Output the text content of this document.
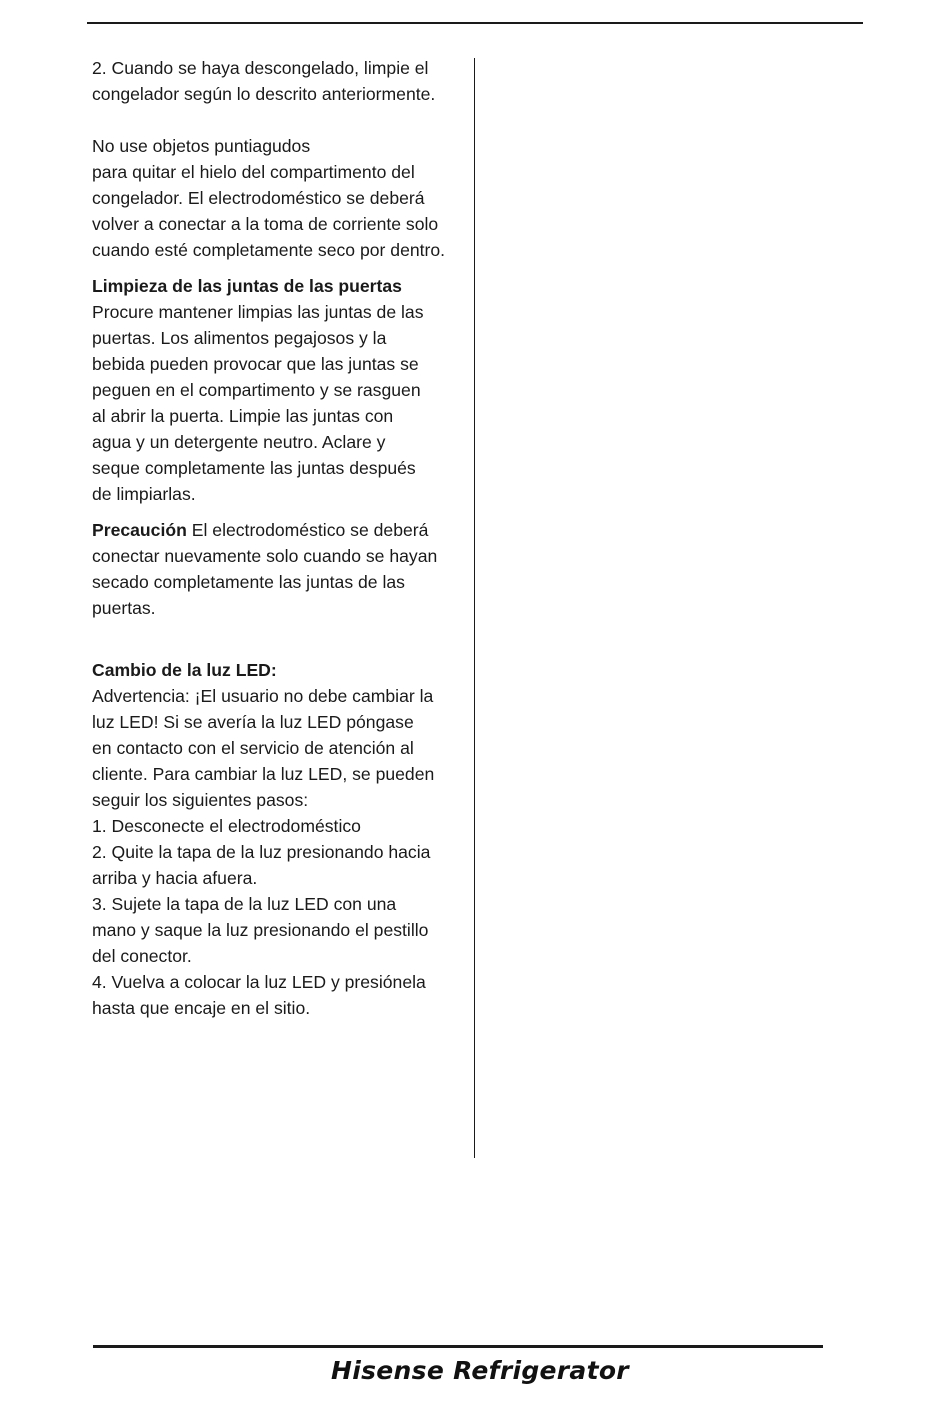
2. Cuando se haya descongelado, limpie el
congelador según lo descrito anteriormente.

No use objetos puntiagudos
para quitar el hielo del compartimento del
congelador. El electrodoméstico se deberá
volver a conectar a la toma de corriente solo
cuando esté completamente seco por dentro.

Limpieza de las juntas de las puertas
Procure mantener limpias las juntas de las
puertas. Los alimentos pegajosos y la
bebida pueden provocar que las juntas se
peguen en el compartimento y se rasguen
al abrir la puerta. Limpie las juntas con
agua y un detergente neutro. Aclare y
seque completamente las juntas después
de limpiarlas.

Precaución El electrodoméstico se deberá
conectar nuevamente solo cuando se hayan
secado completamente las juntas de las
puertas.

Cambio de la luz LED:
Advertencia: ¡El usuario no debe cambiar la
luz LED! Si se avería la luz LED póngase
en contacto con el servicio de atención al
cliente. Para cambiar la luz LED, se pueden
seguir los siguientes pasos:
1. Desconecte el electrodoméstico
2. Quite la tapa de la luz presionando hacia
arriba y hacia afuera.
3. Sujete la tapa de la luz LED con una
mano y saque la luz presionando el pestillo
del conector.
4. Vuelva a colocar la luz LED y presiónela
hasta que encaje en el sitio.

Hisense Refrigerator
